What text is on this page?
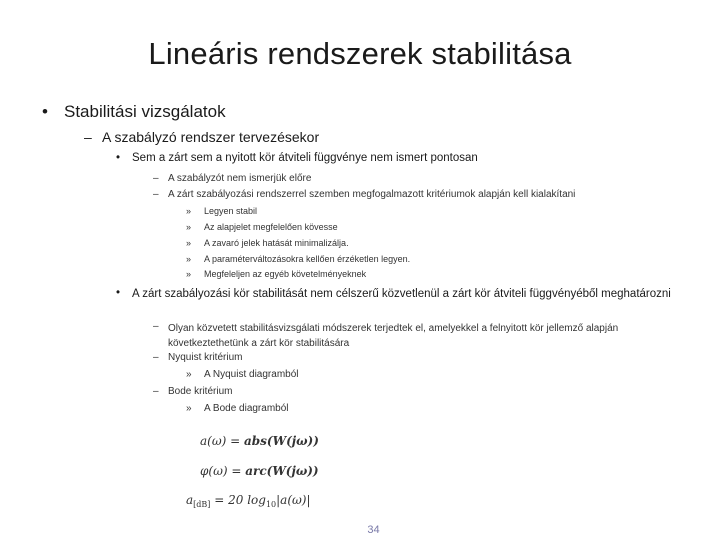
Lineáris rendszerek stabilitása
• Stabilitási vizsgálatok
– A szabályzó rendszer tervezésekor
• Sem a zárt sem a nyitott kör átviteli függvénye nem ismert pontosan
– A szabályzót nem ismerjük előre
– A zárt szabályozási rendszerrel szemben megfogalmazott kritériumok alapján kell kialakítani
» Legyen stabil
» Az alapjelet megfelelően kövesse
» A zavaró jelek hatását minimalizálja.
» A paraméterváltozásokra kellően érzéketlen legyen.
» Megfeleljen az egyéb követelményeknek
•	A zárt szabályozási kör stabilitását nem célszerű közvetlenül a zárt kör átviteli függvényéből meghatározni
– Olyan közvetett stabilitásvizsgálati módszerek terjedtek el, amelyekkel a felnyitott kör jellemző alapján következtethetünk a zárt kör stabilitására
– Nyquist kritérium
» A Nyquist diagramból
– Bode kritérium
» A Bode diagramból
a(ω) = abs(W(jω))
φ(ω) = arc(W(jω))
$a_{[dB]} = 20$ $\log_{10}|a(\omega)|$
34
